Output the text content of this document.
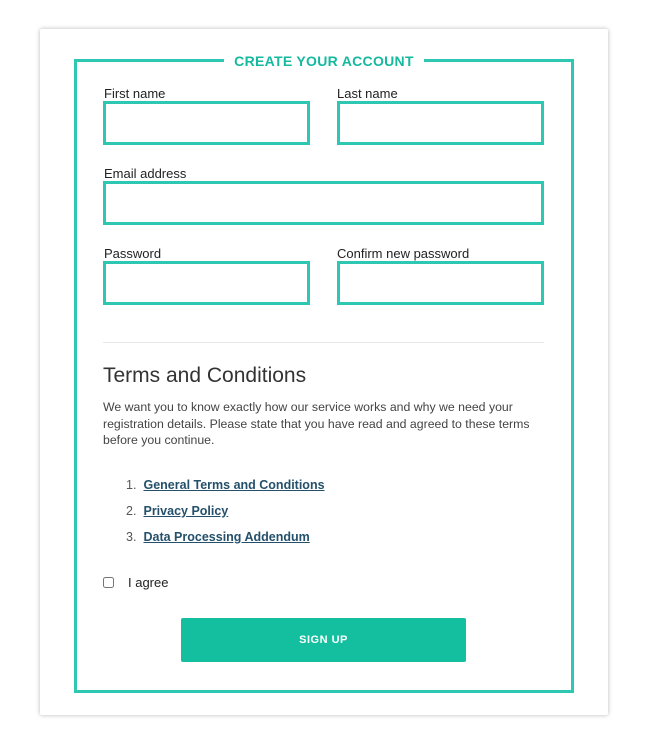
CREATE YOUR ACCOUNT
First name	Last name
Email address
Password	Confirm new password
Terms and Conditions

We want you to know exactly how our service works and why we need your registration details. Please state that you have read and agreed to these terms before you continue.

1. General Terms and Conditions
2. Privacy Policy
3. Data Processing Addendum
I agree
SIGN UP
